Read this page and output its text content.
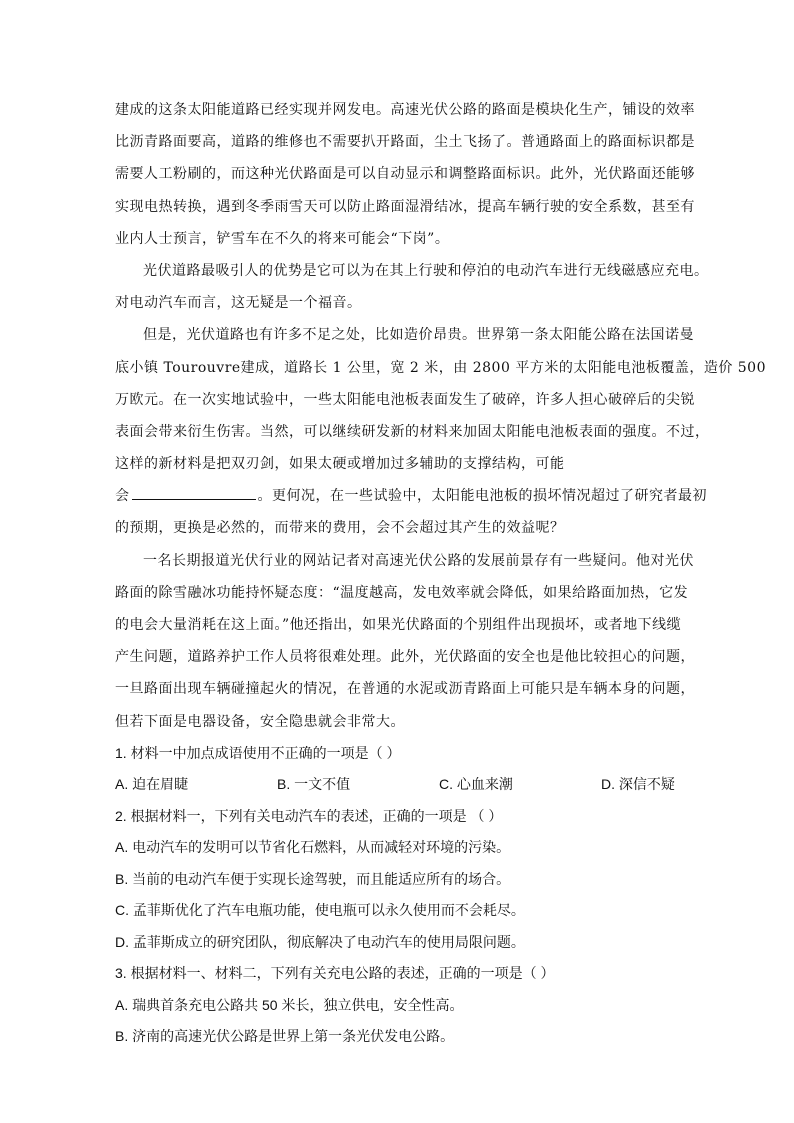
建成的这条太阳能道路已经实现并网发电。高速光伏公路的路面是模块化生产，铺设的效率
比沥青路面要高，道路的维修也不需要扒开路面，尘土飞扬了。普通路面上的路面标识都是
需要人工粉刷的，而这种光伏路面是可以自动显示和调整路面标识。此外，光伏路面还能够
实现电热转换，遇到冬季雨雪天可以防止路面湿滑结冰，提高车辆行驶的安全系数，甚至有
业内人士预言，铲雪车在不久的将来可能会“下岗”。
光伏道路最吸引人的优势是它可以为在其上行驶和停泊的电动汽车进行无线磁感应充电。
对电动汽车而言，这无疑是一个福音。
但是，光伏道路也有许多不足之处，比如造价昂贵。世界第一条太阳能公路在法国诺曼
底小镇 Tourouvre建成，道路长 1 公里，宽 2 米，由 2800 平方米的太阳能电池板覆盖，造价 500
万欧元。在一次实地试验中，一些太阳能电池板表面发生了破碎，许多人担心破碎后的尖锐
表面会带来衍生伤害。当然，可以继续研发新的材料来加固太阳能电池板表面的强度。不过，
这样的新材料是把双刃剑，如果太硬或增加过多辅助的支撑结构，可能
会	。更何况，在一些试验中，太阳能电池板的损坏情况超过了研究者最初
的预期，更换是必然的，而带来的费用，会不会超过其产生的效益呢？
一名长期报道光伏行业的网站记者对高速光伏公路的发展前景存有一些疑问。他对光伏
路面的除雪融冰功能持怀疑态度：“温度越高，发电效率就会降低，如果给路面加热，它发
的电会大量消耗在这上面。”他还指出，如果光伏路面的个别组件出现损坏，或者地下线缆
产生问题，道路养护工作人员将很难处理。此外，光伏路面的安全也是他比较担心的问题，
一旦路面出现车辆碰撞起火的情况，在普通的水泥或沥青路面上可能只是车辆本身的问题，
但若下面是电器设备，安全隐患就会非常大。
1. 材料一中加点成语使用不正确的一项是（ ）
A. 迫在眉睫	B. 一文不值	C. 心血来潮	D. 深信不疑
2. 根据材料一，下列有关电动汽车的表述，正确的一项是 （ ）
A. 电动汽车的发明可以节省化石燃料，从而减轻对环境的污染。
B. 当前的电动汽车便于实现长途驾驶，而且能适应所有的场合。
C. 孟菲斯优化了汽车电瓶功能，使电瓶可以永久使用而不会耗尽。
D. 孟菲斯成立的研究团队，彻底解决了电动汽车的使用局限问题。
3. 根据材料一、材料二，下列有关充电公路的表述，正确的一项是（ ）
A. 瑞典首条充电公路共 50 米长，独立供电，安全性高。
B. 济南的高速光伏公路是世界上第一条光伏发电公路。
